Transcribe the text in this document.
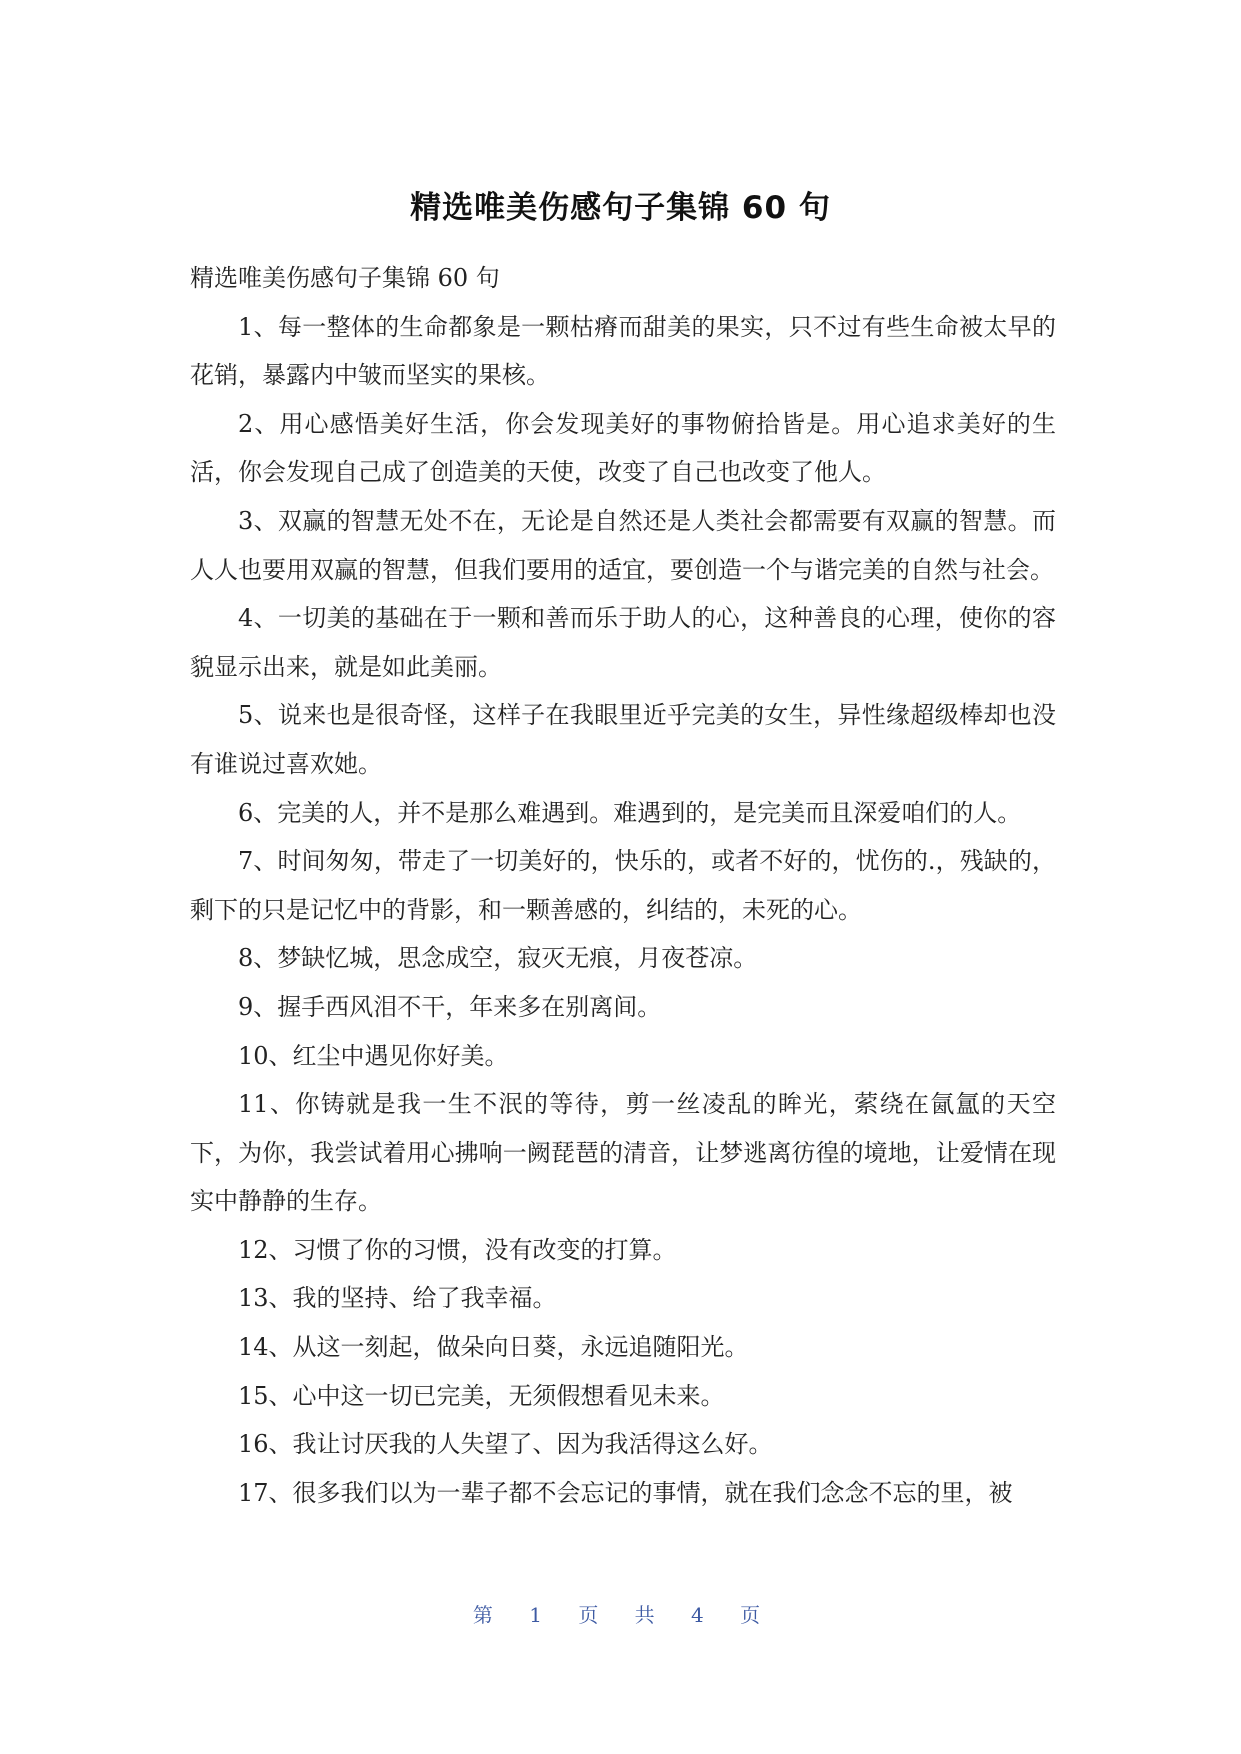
精选唯美伤感句子集锦 60 句

精选唯美伤感句子集锦 60 句

1、每一整体的生命都象是一颗枯瘠而甜美的果实，只不过有些生命被太早的花销，暴露内中皱而坚实的果核。

2、用心感悟美好生活，你会发现美好的事物俯拾皆是。用心追求美好的生活，你会发现自己成了创造美的天使，改变了自己也改变了他人。

3、双赢的智慧无处不在，无论是自然还是人类社会都需要有双赢的智慧。而人人也要用双赢的智慧，但我们要用的适宜，要创造一个与谐完美的自然与社会。

4、一切美的基础在于一颗和善而乐于助人的心，这种善良的心理，使你的容貌显示出来，就是如此美丽。

5、说来也是很奇怪，这样子在我眼里近乎完美的女生，异性缘超级棒却也没有谁说过喜欢她。

6、完美的人，并不是那么难遇到。难遇到的，是完美而且深爱咱们的人。

7、时间匆匆，带走了一切美好的，快乐的，或者不好的，忧伤的.，残缺的，剩下的只是记忆中的背影，和一颗善感的，纠结的，未死的心。

8、梦缺忆城，思念成空，寂灭无痕，月夜苍凉。

9、握手西风泪不干，年来多在别离间。

10、红尘中遇见你好美。

11、你铸就是我一生不泯的等待，剪一丝凌乱的眸光，萦绕在氤氲的天空下，为你，我尝试着用心拂响一阙琵琶的清音，让梦逃离彷徨的境地，让爱情在现实中静静的生存。

12、习惯了你的习惯，没有改变的打算。

13、我的坚持、给了我幸福。

14、从这一刻起，做朵向日葵，永远追随阳光。

15、心中这一切已完美，无须假想看见未来。

16、我让讨厌我的人失望了、因为我活得这么好。

17、很多我们以为一辈子都不会忘记的事情，就在我们念念不忘的里，被

第 1 页 共 4 页
